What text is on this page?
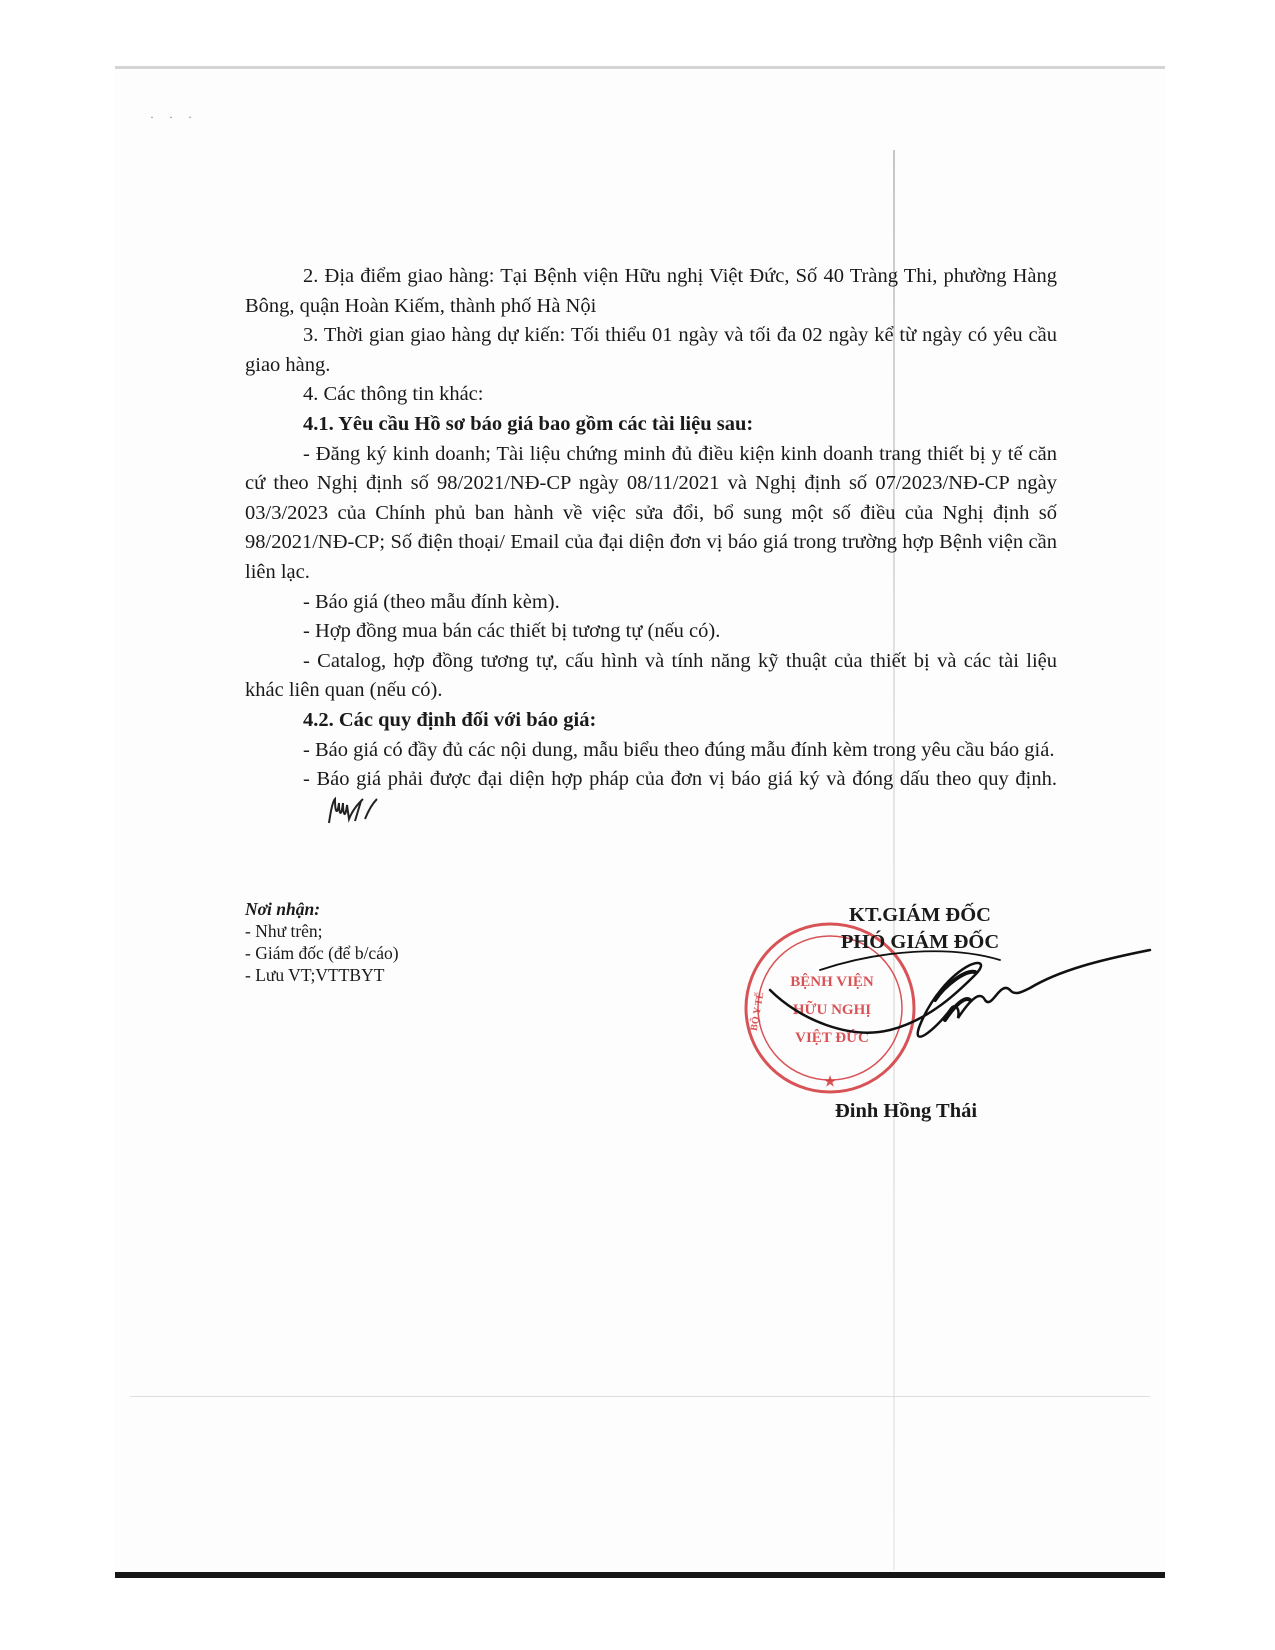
· · ·

2. Địa điểm giao hàng: Tại Bệnh viện Hữu nghị Việt Đức, Số 40 Tràng Thi, phường Hàng Bông, quận Hoàn Kiếm, thành phố Hà Nội

3. Thời gian giao hàng dự kiến: Tối thiểu 01 ngày và tối đa 02 ngày kể từ ngày có yêu cầu giao hàng.

4. Các thông tin khác:

4.1. Yêu cầu Hồ sơ báo giá bao gồm các tài liệu sau:

- Đăng ký kinh doanh; Tài liệu chứng minh đủ điều kiện kinh doanh trang thiết bị y tế căn cứ theo Nghị định số 98/2021/NĐ-CP ngày 08/11/2021 và Nghị định số 07/2023/NĐ-CP ngày 03/3/2023 của Chính phủ ban hành về việc sửa đổi, bổ sung một số điều của Nghị định số 98/2021/NĐ-CP; Số điện thoại/ Email của đại diện đơn vị báo giá trong trường hợp Bệnh viện cần liên lạc.

- Báo giá (theo mẫu đính kèm).

- Hợp đồng mua bán các thiết bị tương tự (nếu có).

- Catalog, hợp đồng tương tự, cấu hình và tính năng kỹ thuật của thiết bị và các tài liệu khác liên quan (nếu có).

4.2. Các quy định đối với báo giá:

- Báo giá có đầy đủ các nội dung, mẫu biểu theo đúng mẫu đính kèm trong yêu cầu báo giá.

- Báo giá phải được đại diện hợp pháp của đơn vị báo giá ký và đóng dấu theo quy định.

Nơi nhận:
- Như trên;
- Giám đốc (để b/cáo)
- Lưu VT;VTTBYT	BỆNH VIỆN
HỮU NGHỊ
VIỆT ĐỨC
BỘ Y TẾ
★
KT.GIÁM ĐỐC
PHÓ GIÁM ĐỐC
Đinh Hồng Thái
